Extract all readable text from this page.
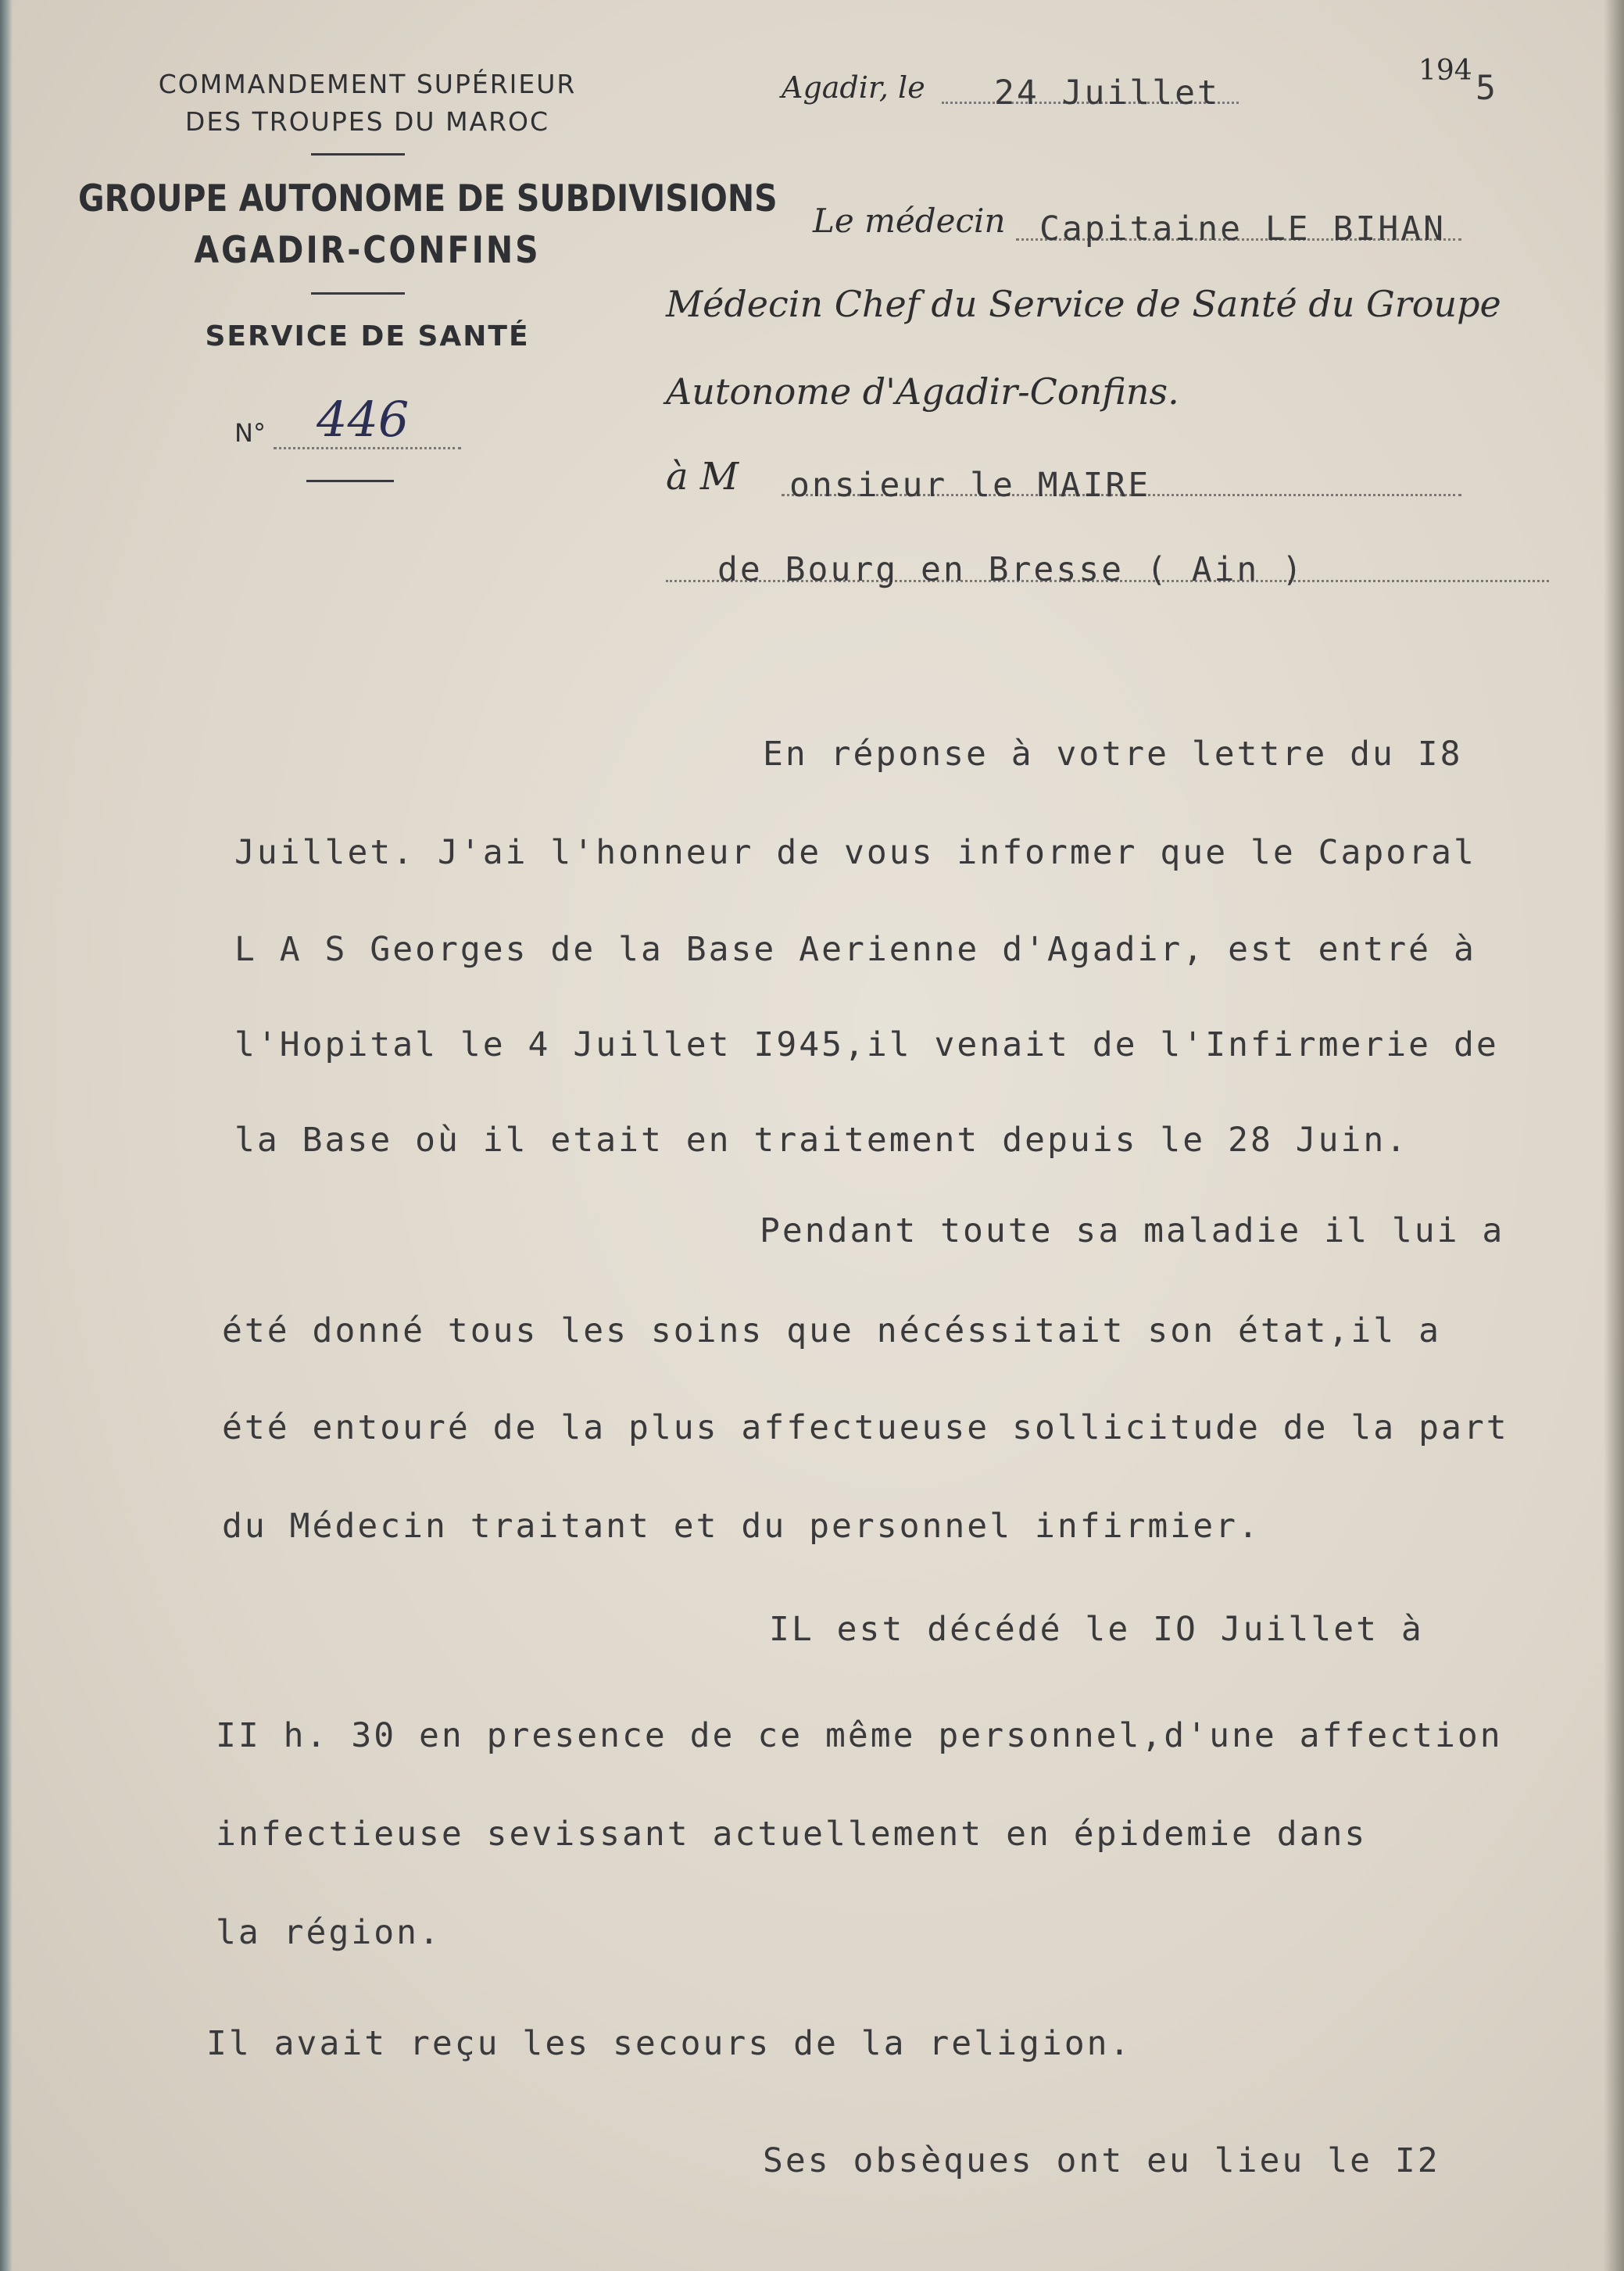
COMMANDEMENT SUPÉRIEUR
DES TROUPES DU MAROC
GROUPE AUTONOME DE SUBDIVISIONS
AGADIR-CONFINS
SERVICE DE SANTÉ
N° 446
Agadir, le 24 Juillet
194 5
Le médecin Capitaine LE BIHAN
Médecin Chef du Service de Santé du Groupe
Autonome d'Agadir-Confins.
à M onsieur le MAIRE
de Bourg en Bresse ( Ain )
En réponse à votre lettre du I8
Juillet. J'ai l'honneur de vous informer que le Caporal
L A S Georges de la Base Aerienne d'Agadir, est entré à
l'Hopital le 4 Juillet I945,il venait de l'Infirmerie de
la Base où il etait en traitement depuis le 28 Juin.
Pendant toute sa maladie il lui a
été donné tous les soins que nécéssitait son état,il a
été entouré de la plus affectueuse sollicitude de la part
du Médecin traitant et du personnel infirmier.
IL est décédé le IO Juillet à
II h. 30 en presence de ce même personnel,d'une affection
infectieuse sevissant actuellement en épidemie dans
la région.
Il avait reçu les secours de la religion.
Ses obsèques ont eu lieu le I2
